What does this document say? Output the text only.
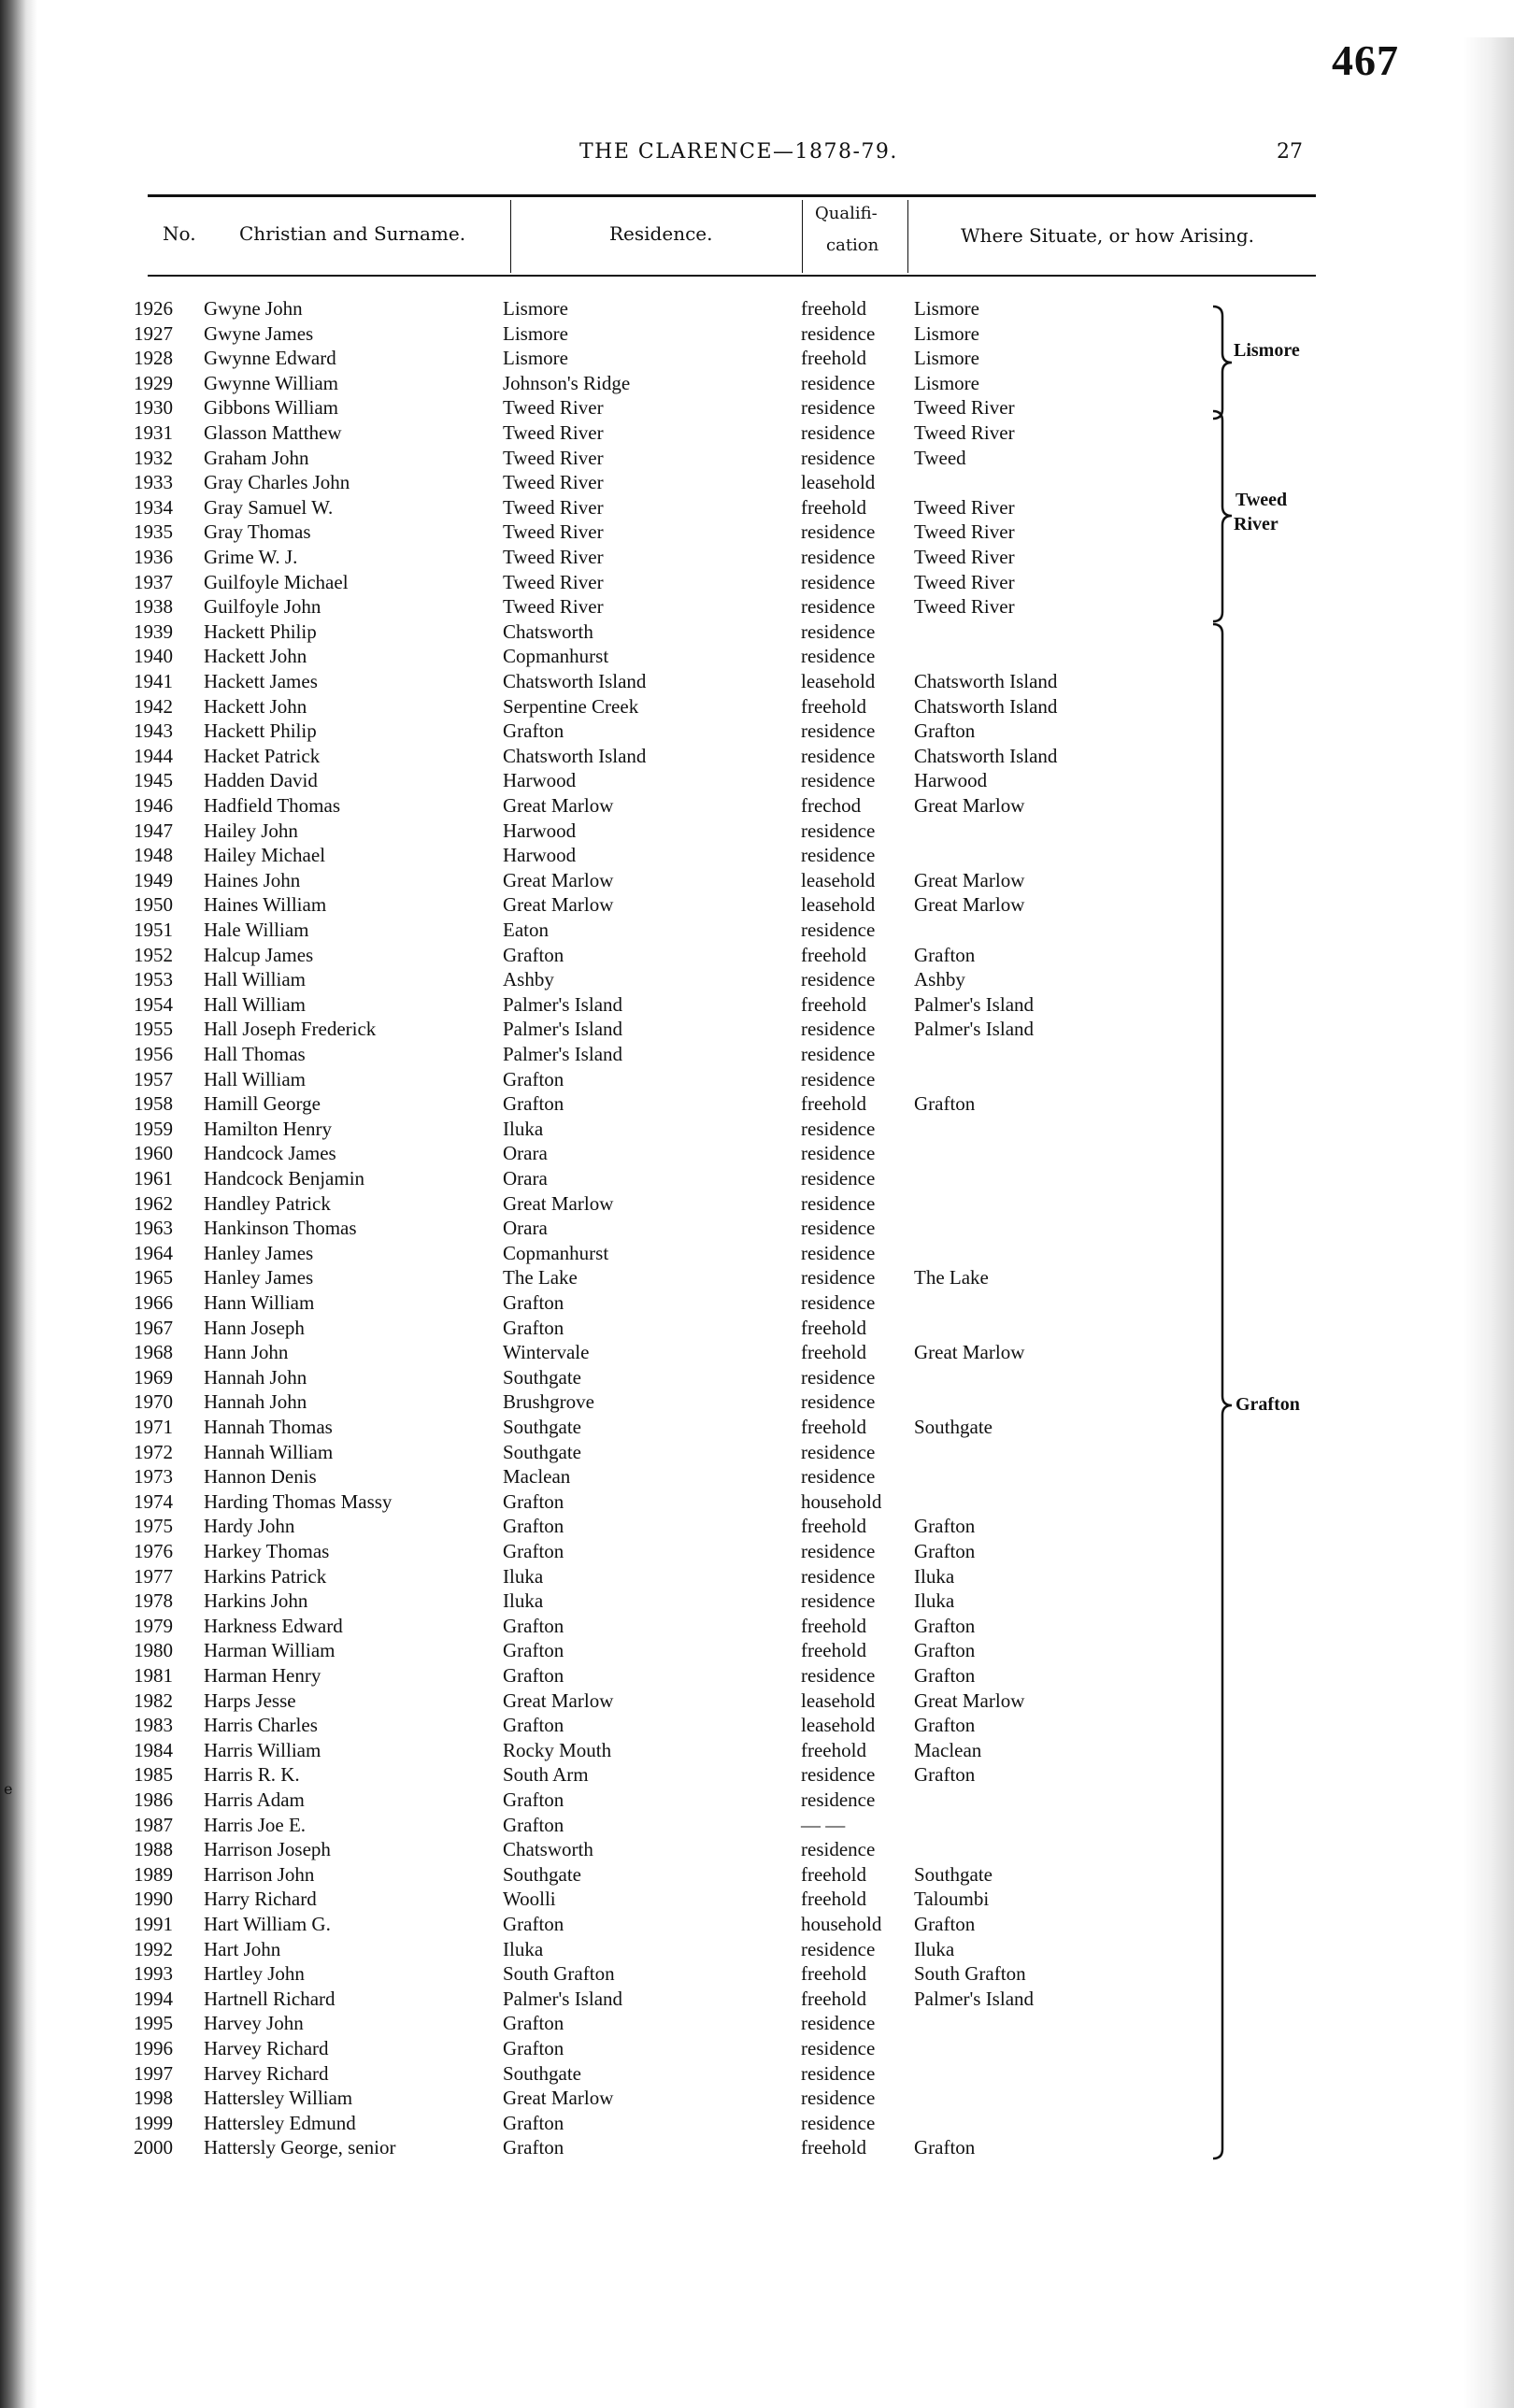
e
467
THE CLARENCE—1878-79.	27
No. Christian and Surname.	Residence.
Qualifi-
cation	Where Situate, or how Arising.
1926	Gwyne John	Lismore	freehold Lismore
1927	Gwyne James	Lismore	residence Lismore
1928	Gwynne Edward	Lismore	freehold Lismore
1929	Gwynne William	Johnson's Ridge	residence Lismore
1930	Gibbons William	Tweed River	residence Tweed River
1931	Glasson Matthew	Tweed River	residence Tweed River
1932	Graham John	Tweed River	residence Tweed
1933	Gray Charles John	Tweed River	leasehold
1934	Gray Samuel W.	Tweed River	freehold Tweed River
1935	Gray Thomas	Tweed River	residence Tweed River
1936	Grime W. J.	Tweed River	residence Tweed River
1937	Guilfoyle Michael	Tweed River	residence Tweed River
1938	Guilfoyle John	Tweed River	residence Tweed River
1939	Hackett Philip	Chatsworth	residence
1940	Hackett John	Copmanhurst	residence
1941	Hackett James	Chatsworth Island	leasehold Chatsworth Island
1942	Hackett John	Serpentine Creek	freehold Chatsworth Island
1943	Hackett Philip	Grafton	residence Grafton
1944	Hacket Patrick	Chatsworth Island	residence Chatsworth Island
1945	Hadden David	Harwood	residence Harwood
1946	Hadfield Thomas	Great Marlow	frechod	Great Marlow
1947	Hailey John	Harwood	residence
1948	Hailey Michael	Harwood	residence
1949	Haines John	Great Marlow	leasehold Great Marlow
1950	Haines William	Great Marlow	leasehold Great Marlow
1951	Hale William	Eaton	residence
1952	Halcup James	Grafton	freehold Grafton
1953	Hall William	Ashby	residence Ashby
1954	Hall William	Palmer's Island	freehold Palmer's Island
1955	Hall Joseph Frederick	Palmer's Island	residence Palmer's Island
1956	Hall Thomas	Palmer's Island	residence
1957	Hall William	Grafton	residence
1958	Hamill George	Grafton	freehold Grafton
1959	Hamilton Henry	Iluka	residence
1960	Handcock James	Orara	residence
1961	Handcock Benjamin	Orara	residence
1962	Handley Patrick	Great Marlow	residence
1963	Hankinson Thomas	Orara	residence
1964	Hanley James	Copmanhurst	residence
1965	Hanley James	The Lake	residence The Lake
1966	Hann William	Grafton	residence
1967	Hann Joseph	Grafton	freehold
1968	Hann John	Wintervale	freehold Great Marlow
1969	Hannah John	Southgate	residence
1970	Hannah John	Brushgrove	residence
1971	Hannah Thomas	Southgate	freehold Southgate
1972	Hannah William	Southgate	residence
1973	Hannon Denis	Maclean	residence
1974	Harding Thomas Massy	Grafton	household
1975	Hardy John	Grafton	freehold Grafton
1976	Harkey Thomas	Grafton	residence Grafton
1977	Harkins Patrick	Iluka	residence Iluka
1978	Harkins John	Iluka	residence Iluka
1979	Harkness Edward	Grafton	freehold Grafton
1980	Harman William	Grafton	freehold Grafton
1981	Harman Henry	Grafton	residence Grafton
1982	Harps Jesse	Great Marlow	leasehold Great Marlow
1983	Harris Charles	Grafton	leasehold Grafton
1984	Harris William	Rocky Mouth	freehold Maclean
1985	Harris R. K.	South Arm	residence Grafton
1986	Harris Adam	Grafton	residence
1987	Harris Joe E.	Grafton	— —
1988	Harrison Joseph	Chatsworth	residence
1989	Harrison John	Southgate	freehold Southgate
1990	Harry Richard	Woolli	freehold Taloumbi
1991	Hart William G.	Grafton	household Grafton
1992	Hart John	Iluka	residence Iluka
1993	Hartley John	South Grafton	freehold South Grafton
1994	Hartnell Richard	Palmer's Island	freehold Palmer's Island
1995	Harvey John	Grafton	residence
1996	Harvey Richard	Grafton	residence
1997	Harvey Richard	Southgate	residence
1998	Hattersley William	Great Marlow	residence
1999	Hattersley Edmund	Grafton	residence
2000	Hattersly George, senior	Grafton	freehold Grafton
Lismore
Tweed
River
Grafton
